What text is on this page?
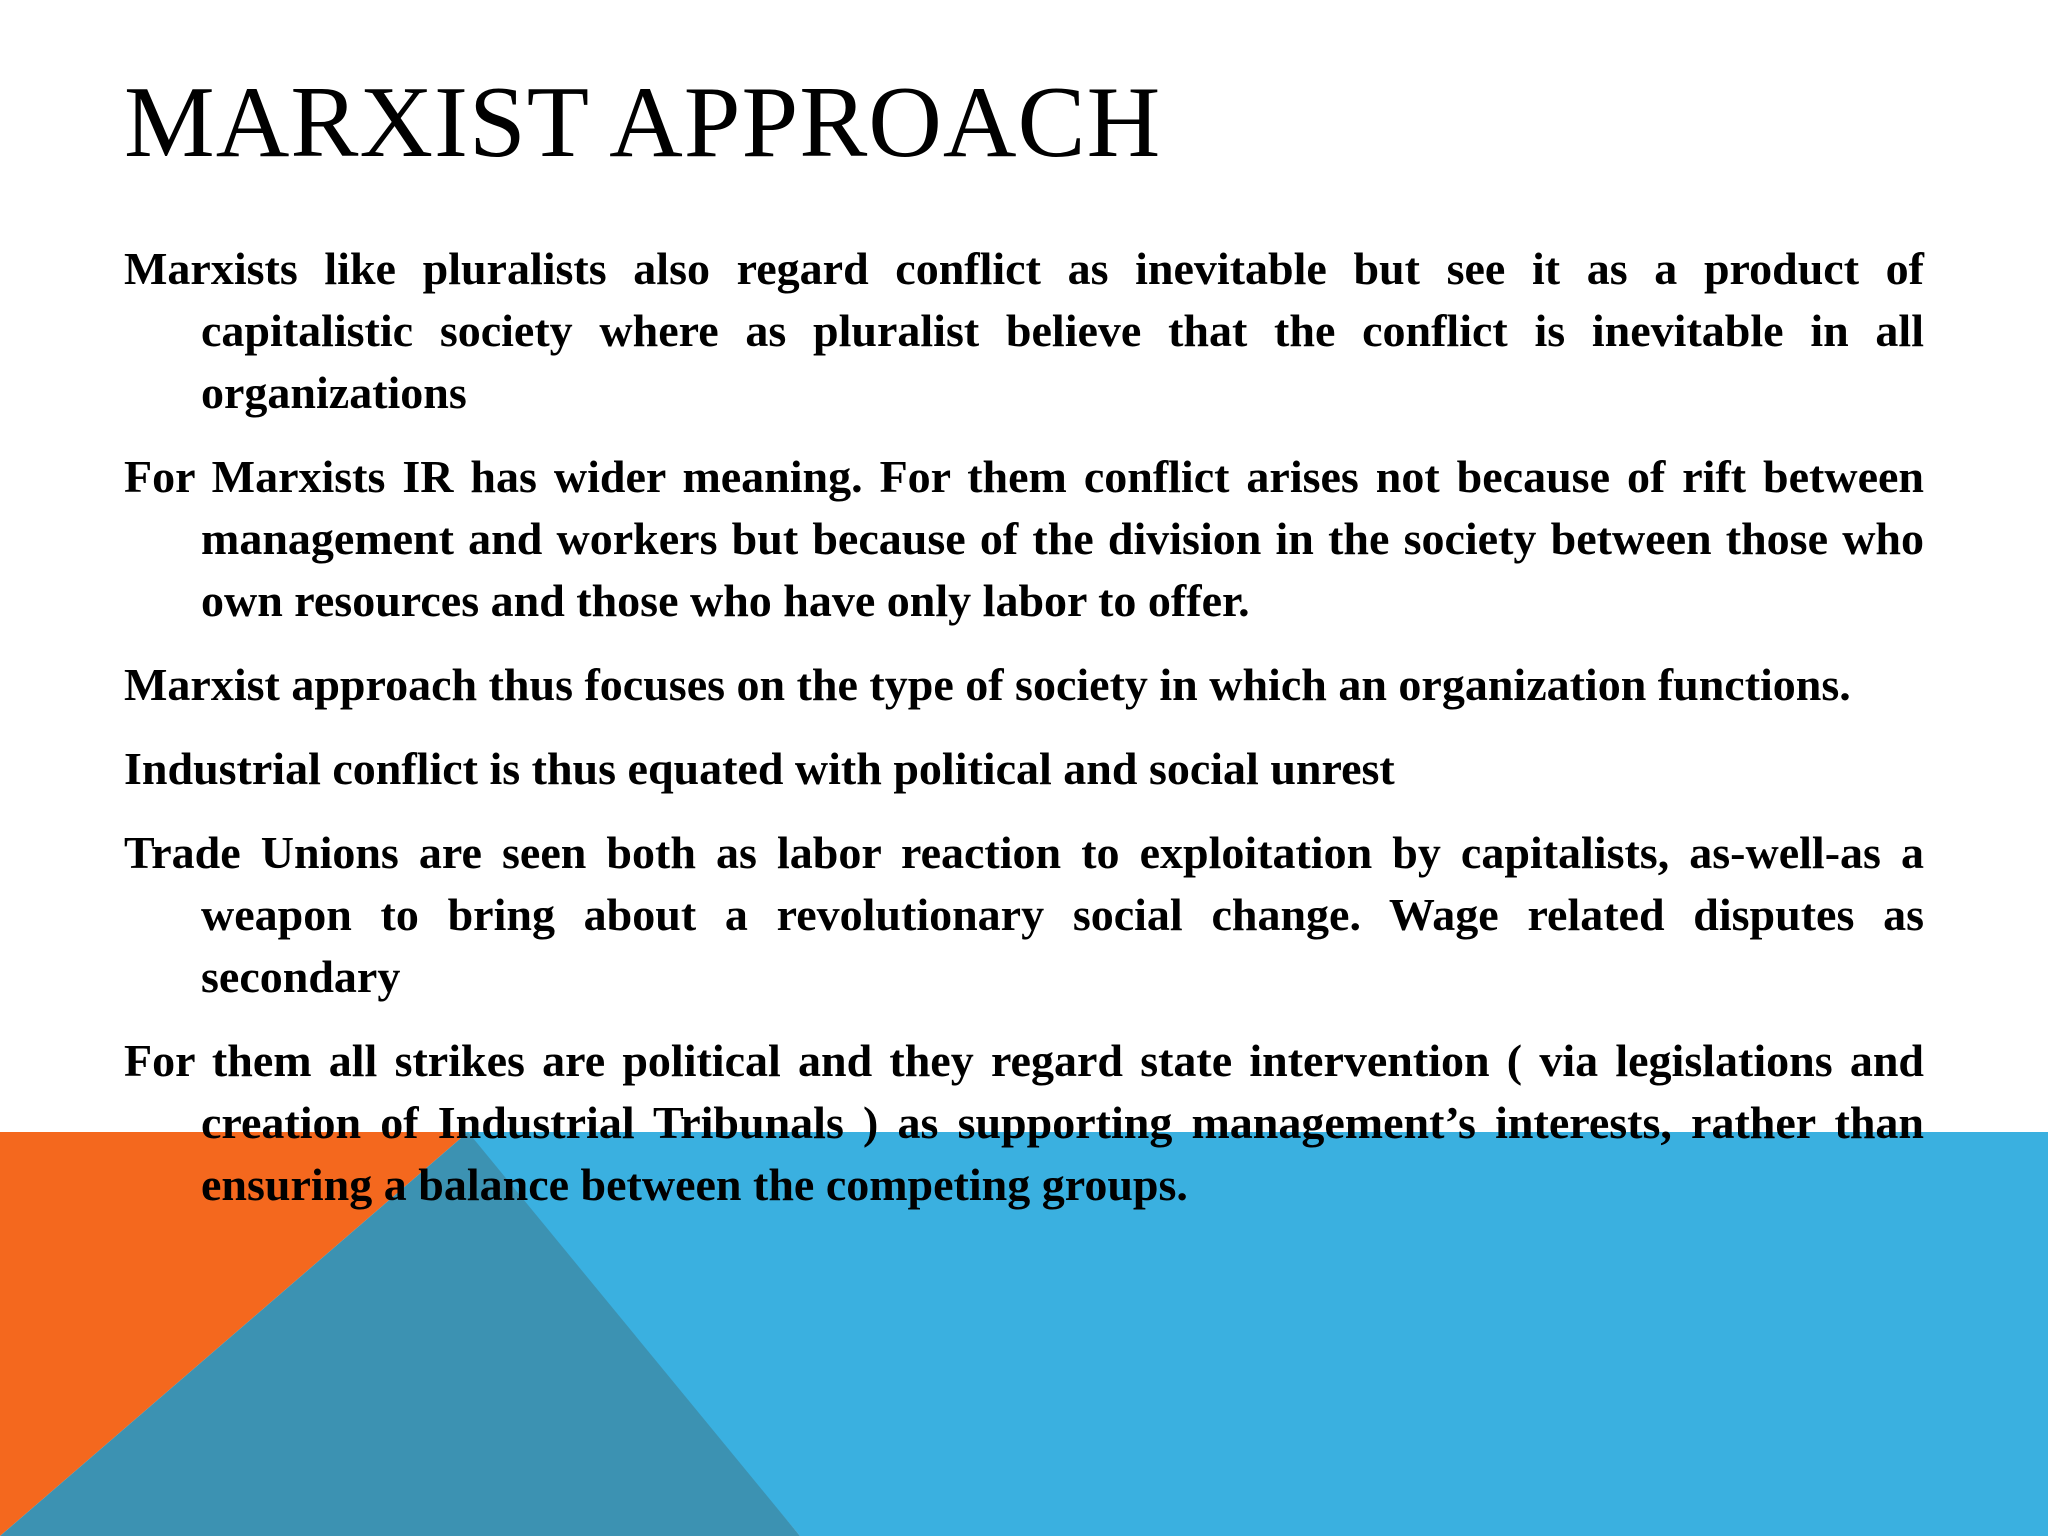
MARXIST APPROACH

Marxists like pluralists also regard conflict as inevitable but see it as a product of capitalistic society where as pluralist believe that the conflict is inevitable in all organizations

For Marxists IR has wider meaning. For them conflict arises not because of rift between management and workers but because of the division in the society between those who own resources and those who have only labor to offer.

Marxist approach thus focuses on the type of society in which an organization functions.

Industrial conflict is thus equated with political and social unrest

Trade Unions are seen both as labor reaction to exploitation by capitalists, as-well-as a weapon to bring about a revolutionary social change. Wage related disputes as secondary

For them all strikes are political and they regard state intervention ( via legislations and creation of Industrial Tribunals ) as supporting management’s interests, rather than ensuring a balance between the competing groups.
